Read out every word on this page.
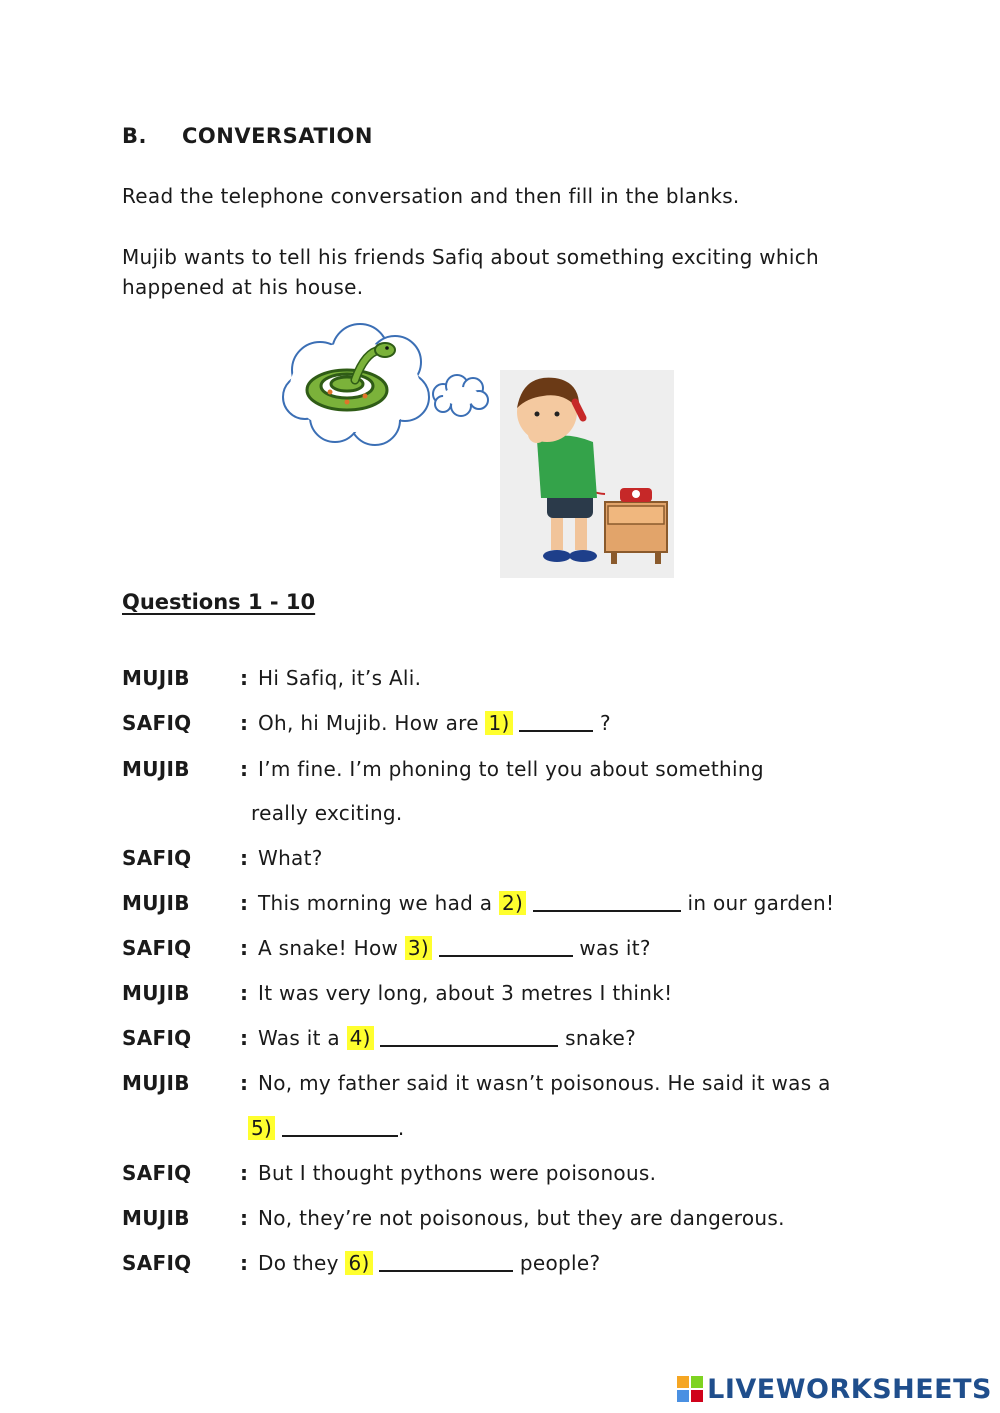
B. CONVERSATION
Read the telephone conversation and then fill in the blanks.
Mujib wants to tell his friends Safiq about something exciting which happened at his house.
Questions 1 - 10
MUJIB	: Hi Safiq, it’s Ali.
SAFIQ : Oh, hi Mujib. How are 1)	?
MUJIB	: I’m fine. I’m phoning to tell you about something
really exciting.
SAFIQ : What?
MUJIB	: This morning we had a 2)	in our garden!
SAFIQ : A snake! How 3)	was it?
MUJIB	: It was very long, about 3 metres I think!
SAFIQ : Was it a 4)	snake?
MUJIB	: No, my father said it wasn’t poisonous. He said it was a
5)	.
SAFIQ : But I thought pythons were poisonous.
MUJIB	: No, they’re not poisonous, but they are dangerous.
SAFIQ : Do they 6)	people?
LIVEWORKSHEETS
